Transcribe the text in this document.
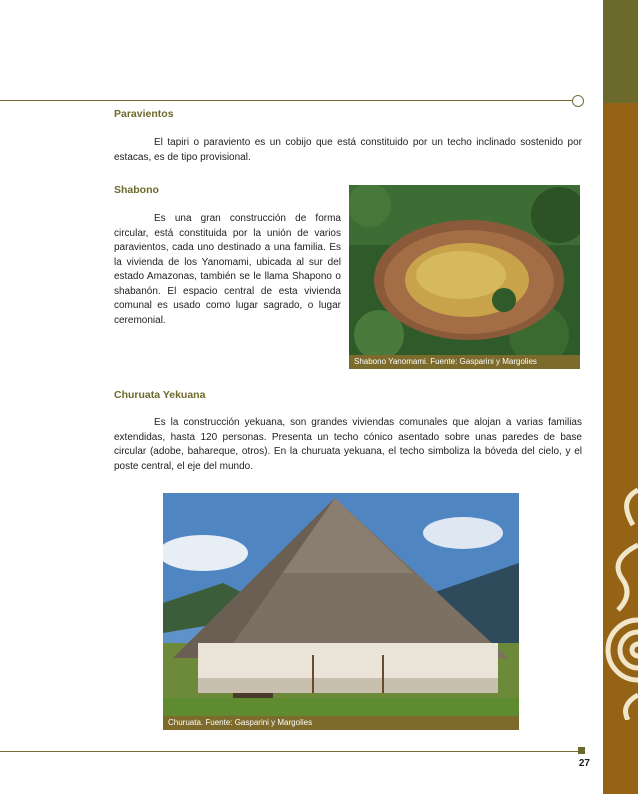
27
Paravientos

El tapiri o paraviento es un cobijo que está constituido por un techo inclinado sostenido por estacas, es de tipo provisional.

Shabono

Es una gran construcción de forma circular, está constituida por la unión de varios paravientos, cada uno destinado a una familia. Es la vivienda de los Yanomami, ubicada al sur del estado Amazonas, también se le llama Shapono o shabanón. El espacio central de esta vivienda comunal es usado como lugar sagrado, o lugar ceremonial.

Shabono Yanomami. Fuente: Gasparini y Margolies
Churuata Yekuana

Es la construcción yekuana, son grandes viviendas comunales que alojan a varias familias extendidas, hasta 120 personas. Presenta un techo cónico asentado sobre unas paredes de base circular (adobe, bahareque, otros). En la churuata yekuana, el techo simboliza la bóveda del cielo, y el poste central, el eje del mundo.

Churuata. Fuente: Gasparini y Margolies
